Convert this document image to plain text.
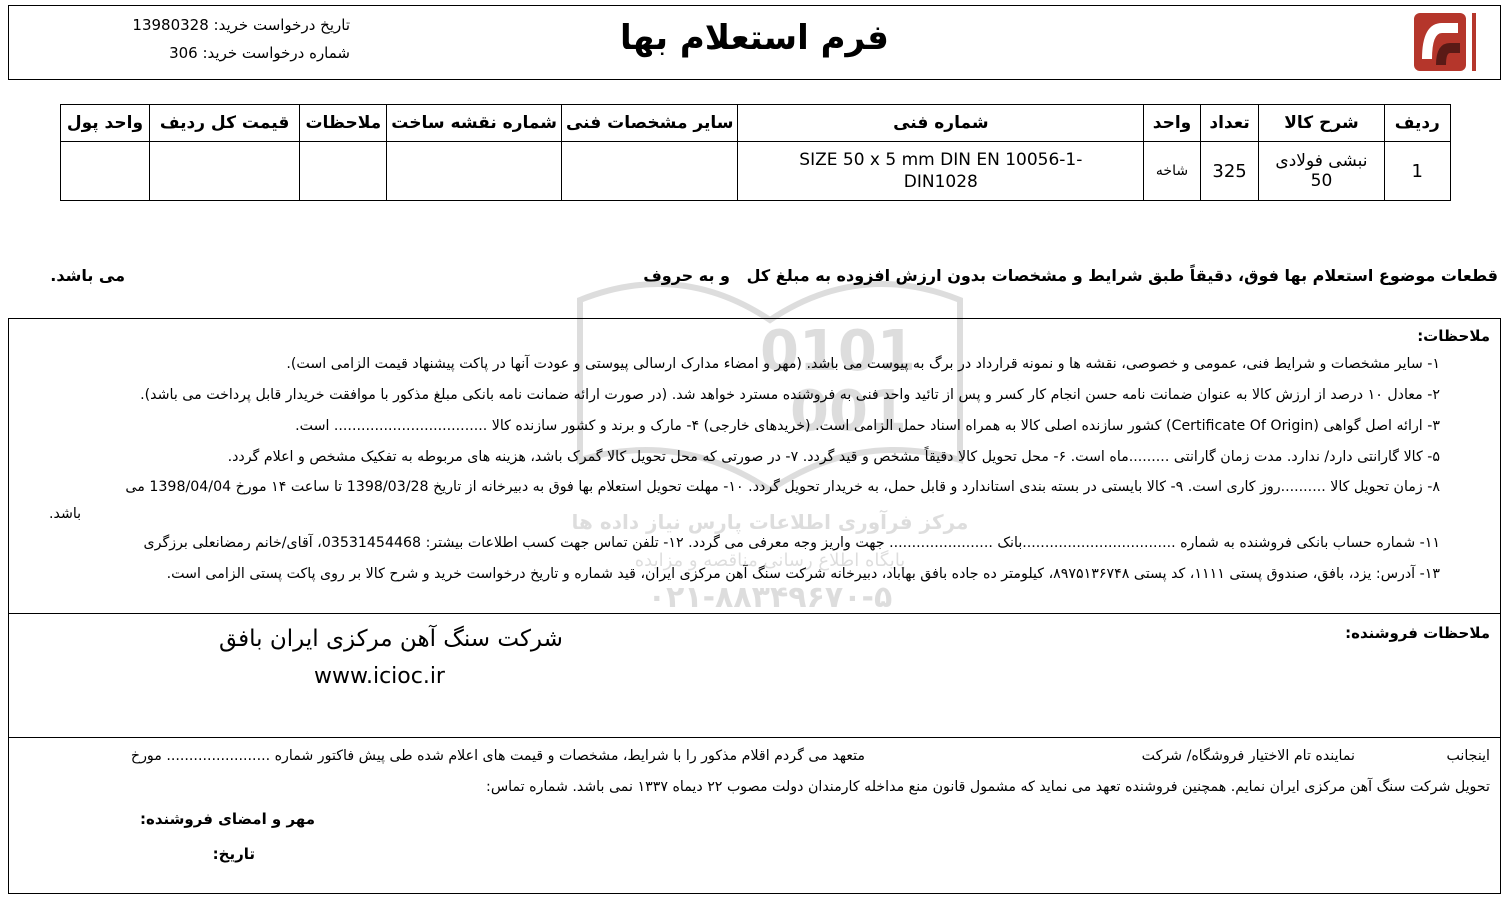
فرم استعلام بها
تاریخ درخواست خرید: 13980328
شماره درخواست خرید: 306
ردیف	شرح کالا	تعداد	واحد	شماره فنی	سایر مشخصات فنی	شماره نقشه ساخت	ملاحظات	قیمت کل ردیف	واحد پول
1	نبشی فولادی 50	325	شاخه	SIZE 50 x 5 mm DIN EN 10056-1-
DIN1028					

قطعات موضوع استعلام بها فوق، دقیقاً طبق شرایط و مشخصات بدون ارزش افزوده به مبلغ کل
و به حروف
می باشد.
0101
001
مرکز فرآوری اطلاعات پارس نیاز داده ها
پایگاه اطلاع رسانی مناقصه و مزایده
۰۲۱-۸۸۳۴۹۶۷۰-۵
ملاحظات:
۱- سایر مشخصات و شرایط فنی، عمومی و خصوصی، نقشه ها و نمونه قرارداد در برگ به پیوست می باشد. (مهر و امضاء مدارک ارسالی پیوستی و عودت آنها در پاکت پیشنهاد قیمت الزامی است).
۲- معادل ۱۰ درصد از ارزش کالا به عنوان ضمانت نامه حسن انجام کار کسر و پس از تائید واحد فنی به فروشنده مسترد خواهد شد. (در صورت ارائه ضمانت نامه بانکی مبلغ مذکور با موافقت خریدار قابل پرداخت می باشد).
۳- ارائه اصل گواهی (Certificate Of Origin) کشور سازنده اصلی کالا به همراه اسناد حمل الزامی است. (خریدهای خارجی) ۴- مارک و برند و کشور سازنده کالا .................................. است.
۵- کالا گارانتی دارد/ ندارد. مدت زمان گارانتی .........ماه است. ۶- محل تحویل کالا دقیقاً مشخص و قید گردد. ۷- در صورتی که محل تحویل کالا گمرک باشد، هزینه های مربوطه به تفکیک مشخص و اعلام گردد.
۸- زمان تحویل کالا ..........روز کاری است. ۹- کالا بایستی در بسته بندی استاندارد و قابل حمل، به خریدار تحویل گردد. ۱۰- مهلت تحویل استعلام بها فوق به دبیرخانه از تاریخ 1398/03/28 تا ساعت ۱۴ مورخ 1398/04/04 می
باشد.
۱۱- شماره حساب بانکی فروشنده به شماره ..................................بانک ....................... جهت واریز وجه معرفی می گردد. ۱۲- تلفن تماس جهت کسب اطلاعات بیشتر: 03531454468، آقای/خانم رمضانعلی برزگری
۱۳- آدرس: یزد، بافق، صندوق پستی ۱۱۱۱، کد پستی ۸۹۷۵۱۳۶۷۴۸، کیلومتر ده جاده بافق بهاباد، دبیرخانه شرکت سنگ آهن مرکزی ایران، قید شماره و تاریخ درخواست خرید و شرح کالا بر روی پاکت پستی الزامی است.
ملاحظات فروشنده:
شرکت سنگ آهن مرکزی ایران بافق
www.icioc.ir
اینجانب
نماینده تام الاختیار فروشگاه/ شرکت
متعهد می گردم اقلام مذکور را با شرایط، مشخصات و قیمت های اعلام شده طی پیش فاکتور شماره ....................... مورخ
تحویل شرکت سنگ آهن مرکزی ایران نمایم. همچنین فروشنده تعهد می نماید که مشمول قانون منع مداخله کارمندان دولت مصوب ۲۲ دیماه ۱۳۳۷ نمی باشد. شماره تماس:
مهر و امضای فروشنده:
تاریخ:
